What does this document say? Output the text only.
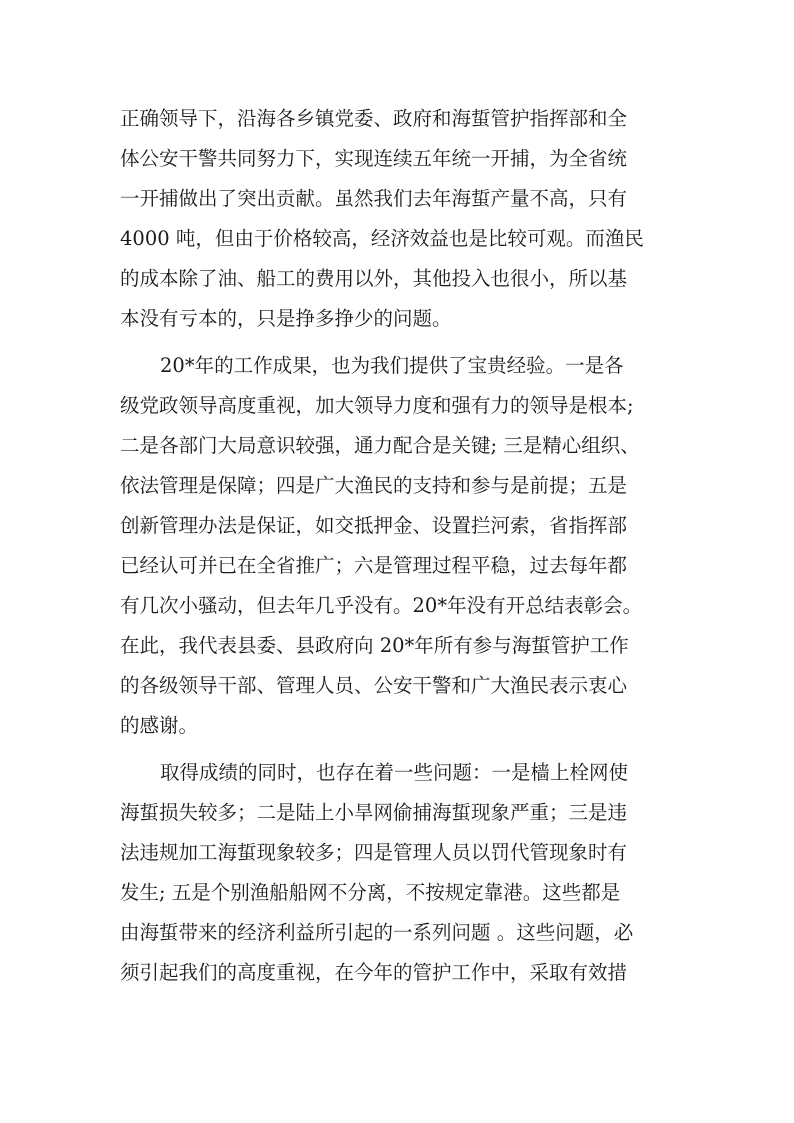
正确领导下，沿海各乡镇党委、政府和海蜇管护指挥部和全
体公安干警共同努力下，实现连续五年统一开捕，为全省统
一开捕做出了突出贡献。虽然我们去年海蜇产量不高，只有
4000 吨，但由于价格较高，经济效益也是比较可观。而渔民
的成本除了油、船工的费用以外，其他投入也很小，所以基
本没有亏本的，只是挣多挣少的问题。
20*年的工作成果，也为我们提供了宝贵经验。一是各
级党政领导高度重视，加大领导力度和强有力的领导是根本;
二是各部门大局意识较强，通力配合是关键; 三是精心组织、
依法管理是保障；四是广大渔民的支持和参与是前提；五是
创新管理办法是保证，如交抵押金、设置拦河索，省指挥部
已经认可并已在全省推广；六是管理过程平稳，过去每年都
有几次小骚动，但去年几乎没有。20*年没有开总结表彰会。
在此，我代表县委、县政府向 20*年所有参与海蜇管护工作
的各级领导干部、管理人员、公安干警和广大渔民表示衷心
的感谢。
取得成绩的同时，也存在着一些问题：一是樯上栓网使
海蜇损失较多；二是陆上小旱网偷捕海蜇现象严重；三是违
法违规加工海蜇现象较多；四是管理人员以罚代管现象时有
发生; 五是个别渔船船网不分离，不按规定靠港。这些都是
由海蜇带来的经济利益所引起的一系列问题 。这些问题，必
须引起我们的高度重视，在今年的管护工作中，采取有效措
